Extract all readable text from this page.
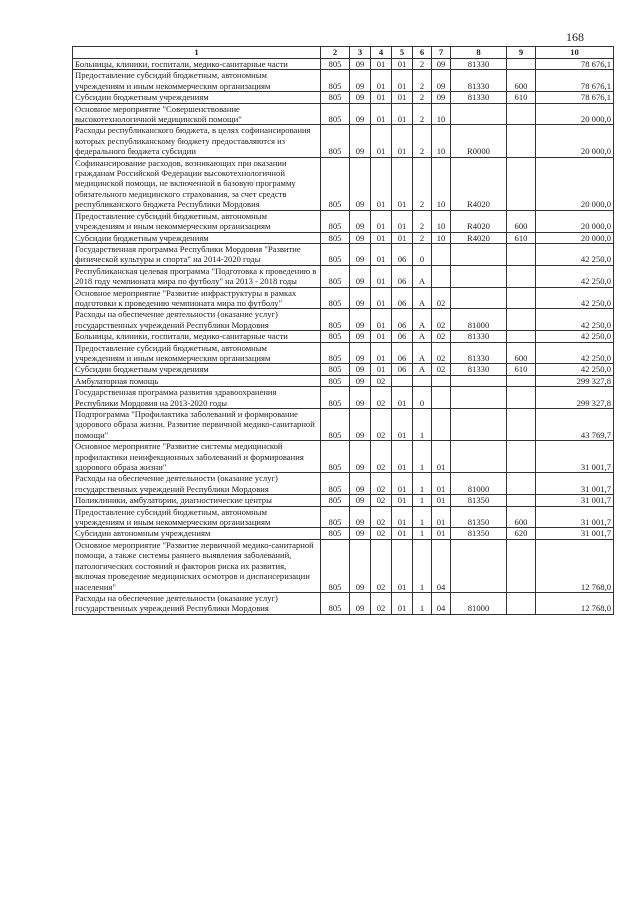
168
1	2	3	4	5	6	7	8	9	10
Больницы, клиники, госпитали, медико-санитарные части	805	09	01	01	2	09	81330		78 676,1
Предоставление субсидий бюджетным, автономным учреждениям и иным некоммерческим организациям	805	09	01	01	2	09	81330	600	78 676,1
Субсидии бюджетным учреждениям	805	09	01	01	2	09	81330	610	78 676,1
Основное мероприятие "Совершенствование высокотехнологичной медицинской помощи"	805	09	01	01	2	10			20 000,0
Расходы республиканского бюджета, в целях софинансирования которых республиканскому бюджету предоставляются из федерального бюджета субсидии	805	09	01	01	2	10	R0000		20 000,0
Софинансирование расходов, возникающих при оказании гражданам Российской Федерации высокотехнологичной медицинской помощи, не включенной в базовую программу обязательного медицинского страхования, за счет средств республиканского бюджета Республики Мордовия	805	09	01	01	2	10	R4020		20 000,0
Предоставление субсидий бюджетным, автономным учреждениям и иным некоммерческим организациям	805	09	01	01	2	10	R4020	600	20 000,0
Субсидии бюджетным учреждениям	805	09	01	01	2	10	R4020	610	20 000,0
Государственная программа Республики Мордовия "Развитие физической культуры и спорта" на 2014-2020 годы	805	09	01	06	0				42 250,0
Республиканская целевая программа "Подготовка к проведению в 2018 году чемпионата мира по футболу" на 2013 - 2018 годы	805	09	01	06	А				42 250,0
Основное мероприятие "Развитие инфраструктуры в рамках подготовки к проведению чемпионата мира по футболу"	805	09	01	06	А	02			42 250,0
Расходы на обеспечение деятельности (оказание услуг) государственных учреждений Республики Мордовия	805	09	01	06	А	02	81000		42 250,0
Больницы, клиники, госпитали, медико-санитарные части	805	09	01	06	А	02	81330		42 250,0
Предоставление субсидий бюджетным, автономным учреждениям и иным некоммерческим организациям	805	09	01	06	А	02	81330	600	42 250,0
Субсидии бюджетным учреждениям	805	09	01	06	А	02	81330	610	42 250,0
Амбулаторная помощь	805	09	02						299 327,8
Государственная программа развития здравоохранения Республики Мордовия на 2013-2020 годы	805	09	02	01	0				299 327,8
Подпрограмма "Профилактика заболеваний и формирование здорового образа жизни. Развитие первичной медико-санитарной помощи"	805	09	02	01	1				43 769,7
Основное мероприятие "Развитие системы медицинской профилактики неинфекционных заболеваний и формирования здорового образа жизни"	805	09	02	01	1	01			31 001,7
Расходы на обеспечение деятельности (оказание услуг) государственных учреждений Республики Мордовия	805	09	02	01	1	01	81000		31 001,7
Поликлиники, амбулатории, диагностические центры	805	09	02	01	1	01	81350		31 001,7
Предоставление субсидий бюджетным, автономным учреждениям и иным некоммерческим организациям	805	09	02	01	1	01	81350	600	31 001,7
Субсидии автономным учреждениям	805	09	02	01	1	01	81350	620	31 001,7
Основное мероприятие "Развитие первичной медико-санитарной помощи, а также системы раннего выявления заболеваний, патологических состояний и факторов риска их развития, включая проведение медицинских осмотров и диспансеризации населения"	805	09	02	01	1	04			12 768,0
Расходы на обеспечение деятельности (оказание услуг) государственных учреждений Республики Мордовия	805	09	02	01	1	04	81000		12 768,0
